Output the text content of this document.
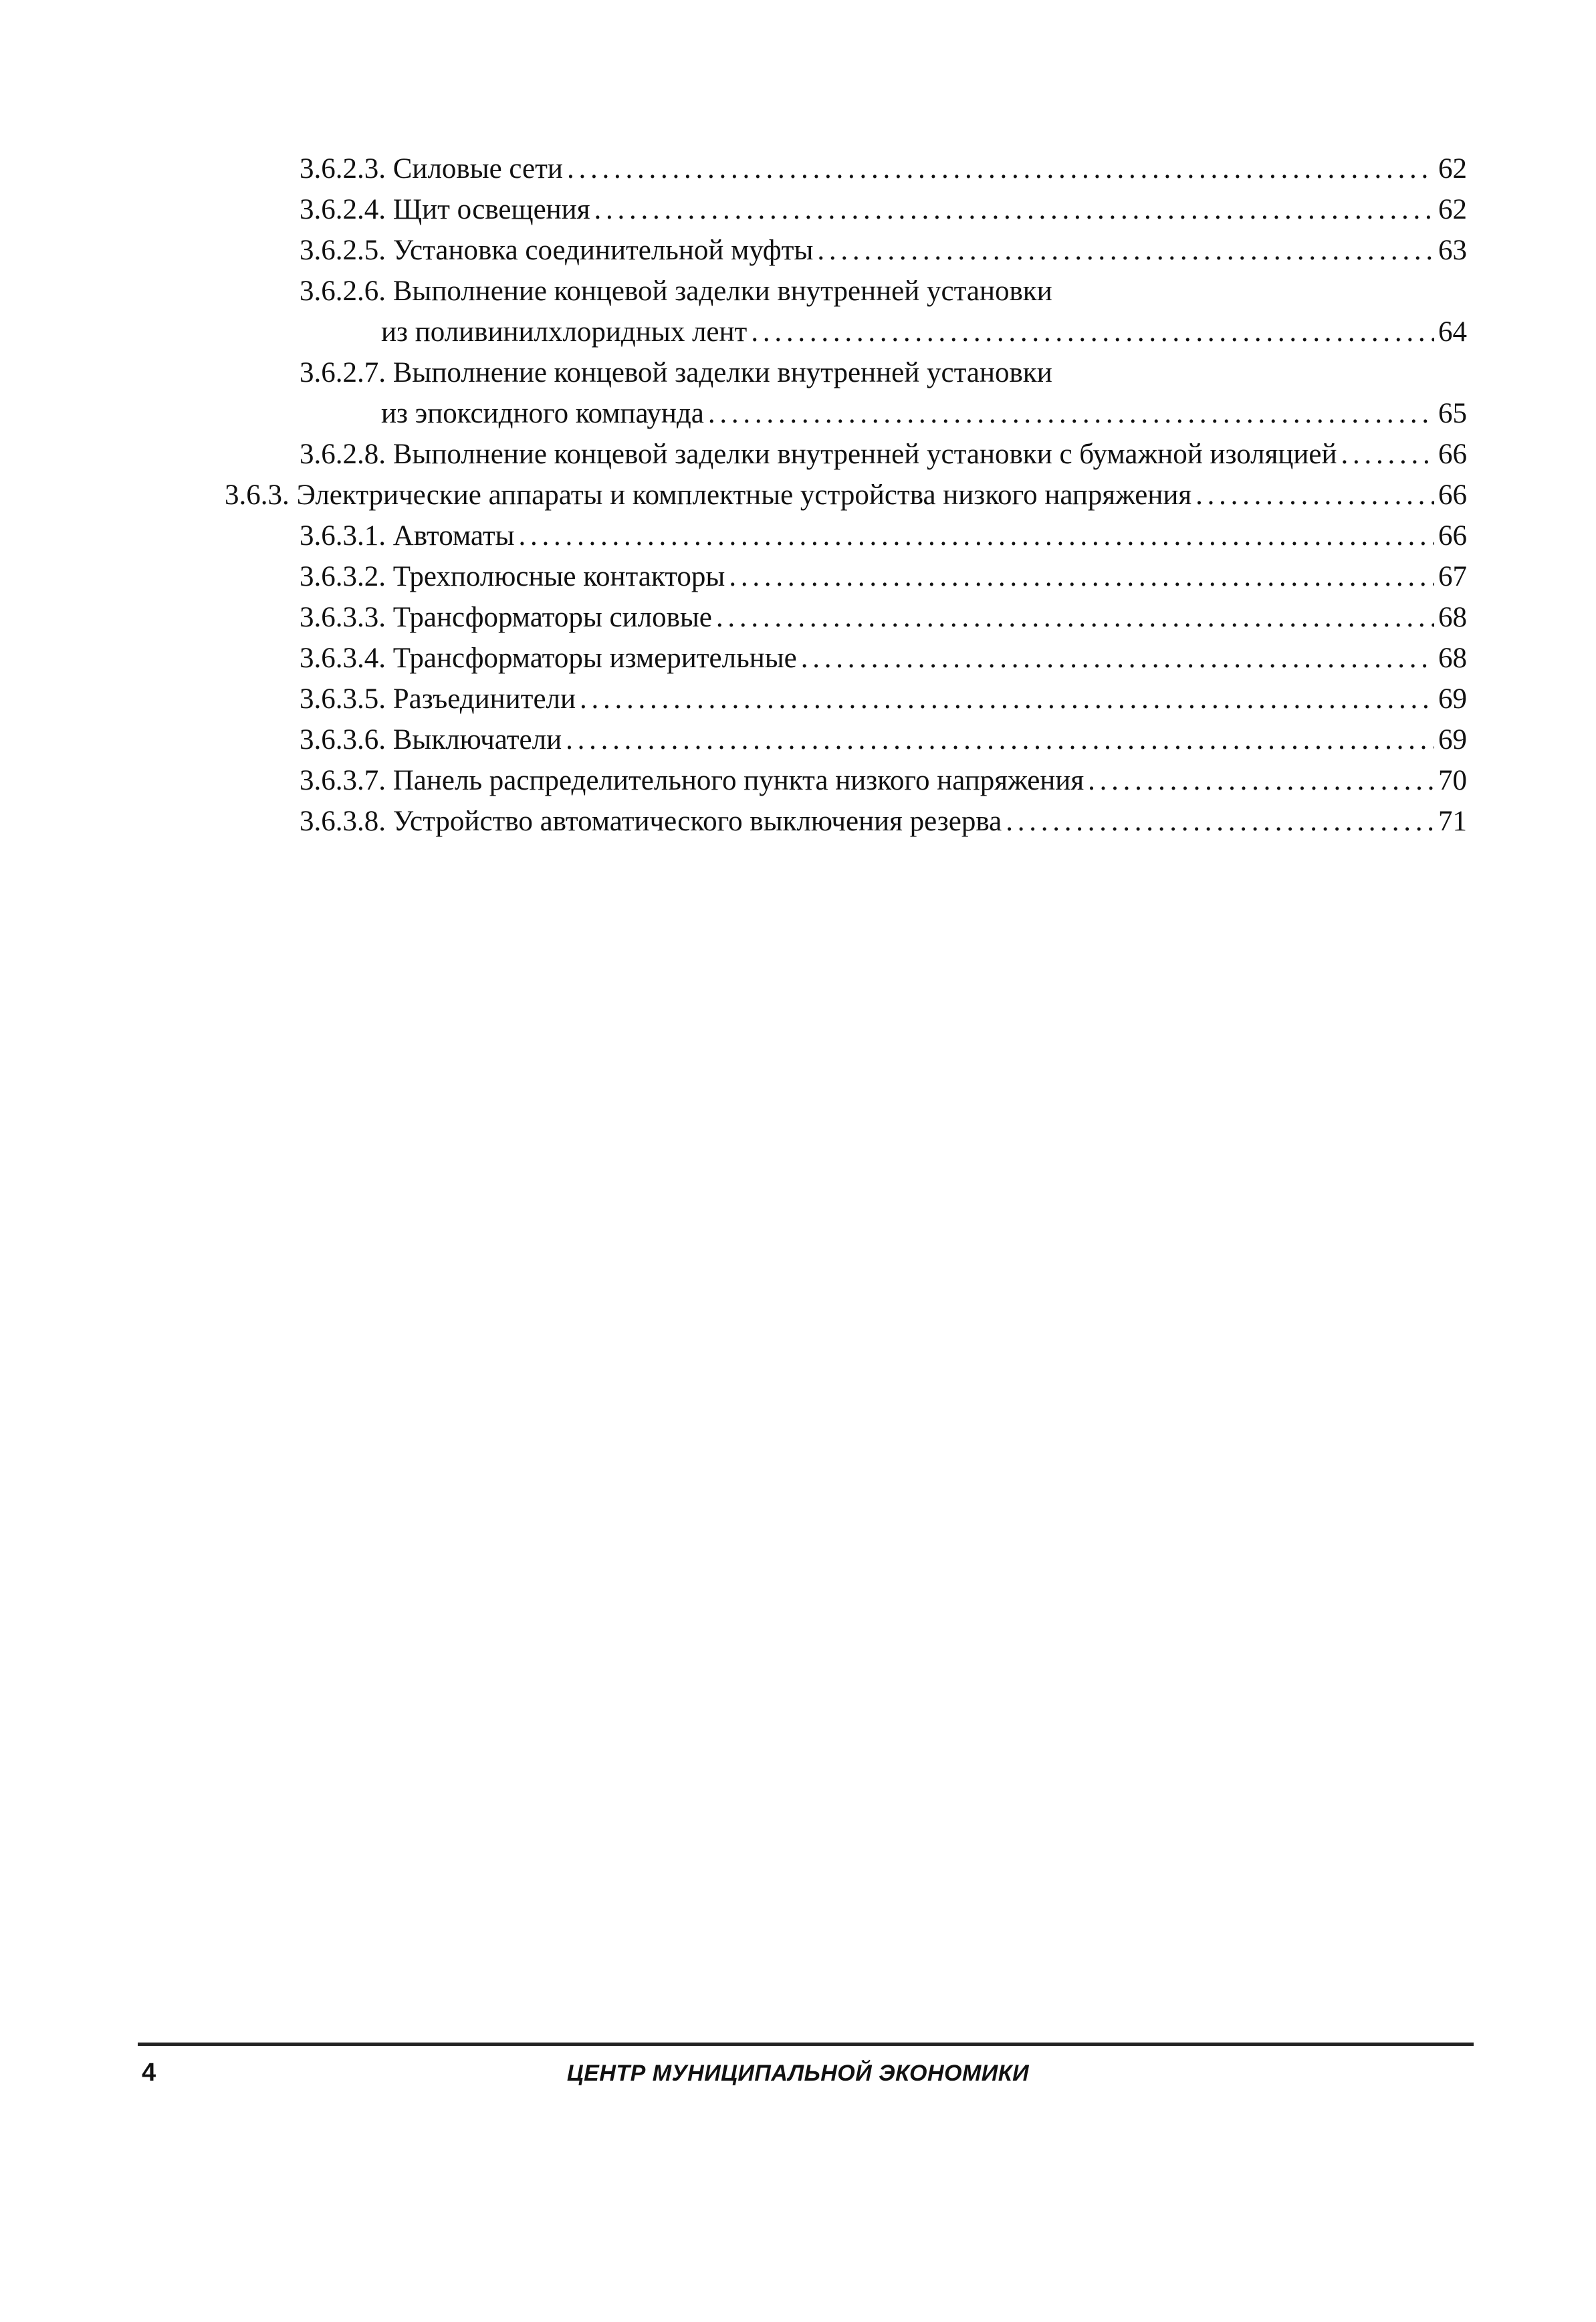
3.6.2.3.
Силовые сети . . .	62
3.6.2.4.
Щит освещения . . .	62
3.6.2.5.
Установка соединительной муфты . . .	63
3.6.2.6. Выполнение концевой заделки внутренней установки
из поливинилхлоридных лент . . .	64
3.6.2.7. Выполнение концевой заделки внутренней установки
из эпоксидного компаунда . . .	65
3.6.2.8.
Выполнение концевой заделки внутренней установки с бумажной изоляцией . . .	66
3.6.3.
Электрические аппараты и комплектные устройства низкого напряжения . . .	66
3.6.3.1.
Автоматы . . .	66
3.6.3.2.
Трехполюсные контакторы . . .	67
3.6.3.3.
Трансформаторы силовые . . .	68
3.6.3.4.
Трансформаторы измерительные . . .	68
3.6.3.5.
Разъединители . . .	69
3.6.3.6.
Выключатели . . .	69
3.6.3.7.
Панель распределительного пункта низкого напряжения . . .	70
3.6.3.8.
Устройство автоматического выключения резерва . . .	71
4	ЦЕНТР МУНИЦИПАЛЬНОЙ ЭКОНОМИКИ
